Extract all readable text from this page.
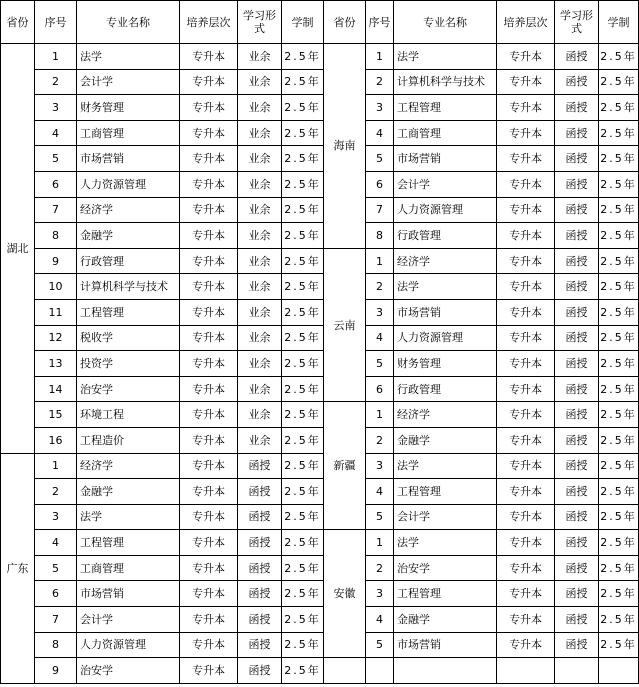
省份	序号	专业名称	培养层次	学习形式	学制	省份	序号	专业名称	培养层次	学习形式	学制
湖北	1	法学	专升本	业余	2.5年	海南	1	法学	专升本	函授	2.5年
	2	会计学	专升本	业余	2.5年		2	计算机科学与技术	专升本	函授	2.5年
	3	财务管理	专升本	业余	2.5年		3	工程管理	专升本	函授	2.5年
	4	工商管理	专升本	业余	2.5年		4	工商管理	专升本	函授	2.5年
	5	市场营销	专升本	业余	2.5年		5	市场营销	专升本	函授	2.5年
	6	人力资源管理	专升本	业余	2.5年		6	会计学	专升本	函授	2.5年
	7	经济学	专升本	业余	2.5年		7	人力资源管理	专升本	函授	2.5年
	8	金融学	专升本	业余	2.5年		8	行政管理	专升本	函授	2.5年
	9	行政管理	专升本	业余	2.5年	云南	1	经济学	专升本	函授	2.5年
	10	计算机科学与技术	专升本	业余	2.5年		2	法学	专升本	函授	2.5年
	11	工程管理	专升本	业余	2.5年		3	市场营销	专升本	函授	2.5年
	12	税收学	专升本	业余	2.5年		4	人力资源管理	专升本	函授	2.5年
	13	投资学	专升本	业余	2.5年		5	财务管理	专升本	函授	2.5年
	14	治安学	专升本	业余	2.5年		6	行政管理	专升本	函授	2.5年
	15	环境工程	专升本	业余	2.5年	新疆	1	经济学	专升本	函授	2.5年
	16	工程造价	专升本	业余	2.5年		2	金融学	专升本	函授	2.5年
广东	1	经济学	专升本	函授	2.5年		3	法学	专升本	函授	2.5年
	2	金融学	专升本	函授	2.5年		4	工程管理	专升本	函授	2.5年
	3	法学	专升本	函授	2.5年		5	会计学	专升本	函授	2.5年
	4	工程管理	专升本	函授	2.5年	安徽	1	法学	专升本	函授	2.5年
	5	工商管理	专升本	函授	2.5年		2	治安学	专升本	函授	2.5年
	6	市场营销	专升本	函授	2.5年		3	工程管理	专升本	函授	2.5年
	7	会计学	专升本	函授	2.5年		4	金融学	专升本	函授	2.5年
	8	人力资源管理	专升本	函授	2.5年		5	市场营销	专升本	函授	2.5年
	9	治安学	专升本	函授	2.5年						
